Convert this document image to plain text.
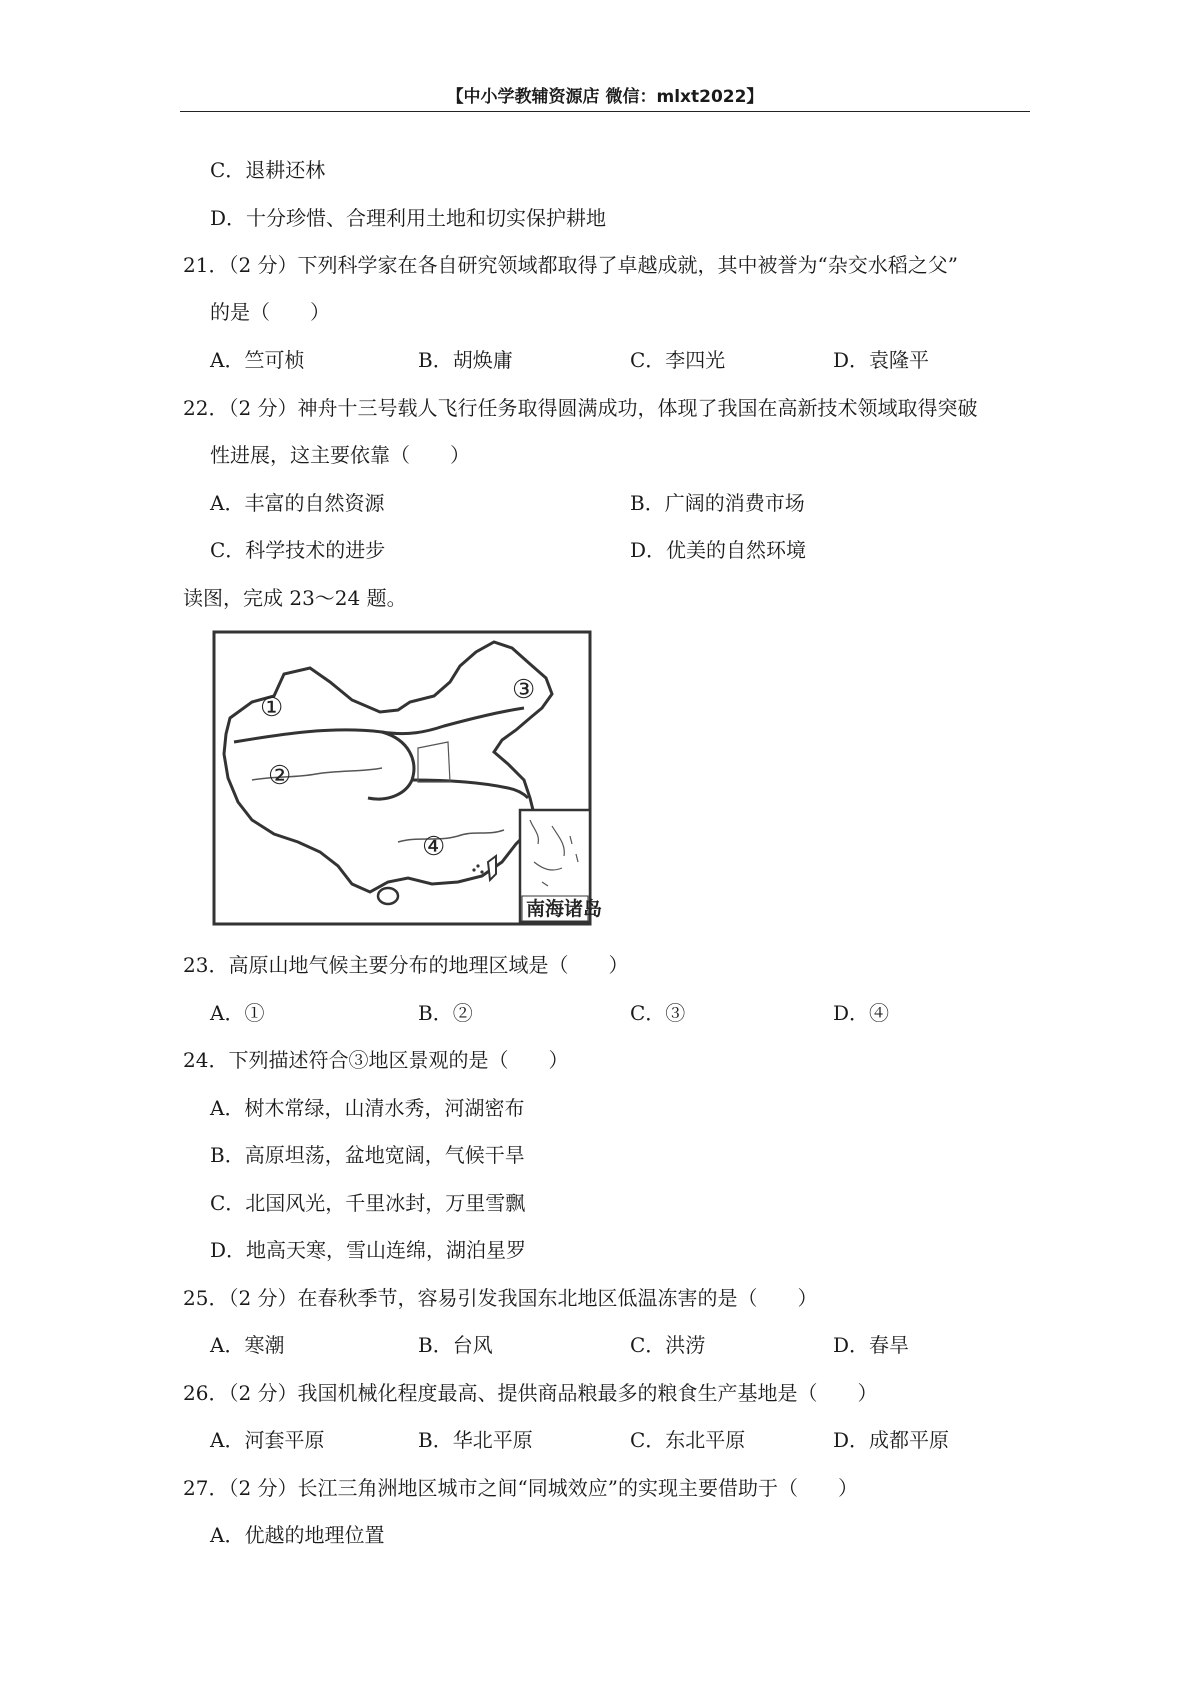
【中小学教辅资源店 微信：mlxt2022】
C．退耕还林
D．十分珍惜、合理利用土地和切实保护耕地
21．（2 分）下列科学家在各自研究领域都取得了卓越成就，其中被誉为“杂交水稻之父”
的是（　　）
A．竺可桢	B．胡焕庸	C．李四光	D．袁隆平
22．（2 分）神舟十三号载人飞行任务取得圆满成功，体现了我国在高新技术领域取得突破
性进展，这主要依靠（　　）
A．丰富的自然资源	B．广阔的消费市场
C．科学技术的进步	D．优美的自然环境
读图，完成 23～24 题。
①
②
③
④
南海诸岛
23．高原山地气候主要分布的地理区域是（　　）
A．①	B．②	C．③	D．④
24．下列描述符合③地区景观的是（　　）
A．树木常绿，山清水秀，河湖密布
B．高原坦荡，盆地宽阔，气候干旱
C．北国风光，千里冰封，万里雪飘
D．地高天寒，雪山连绵，湖泊星罗
25．（2 分）在春秋季节，容易引发我国东北地区低温冻害的是（　　）
A．寒潮	B．台风	C．洪涝	D．春旱
26．（2 分）我国机械化程度最高、提供商品粮最多的粮食生产基地是（　　）
A．河套平原	B．华北平原	C．东北平原	D．成都平原
27．（2 分）长江三角洲地区城市之间“同城效应”的实现主要借助于（　　）
A．优越的地理位置
